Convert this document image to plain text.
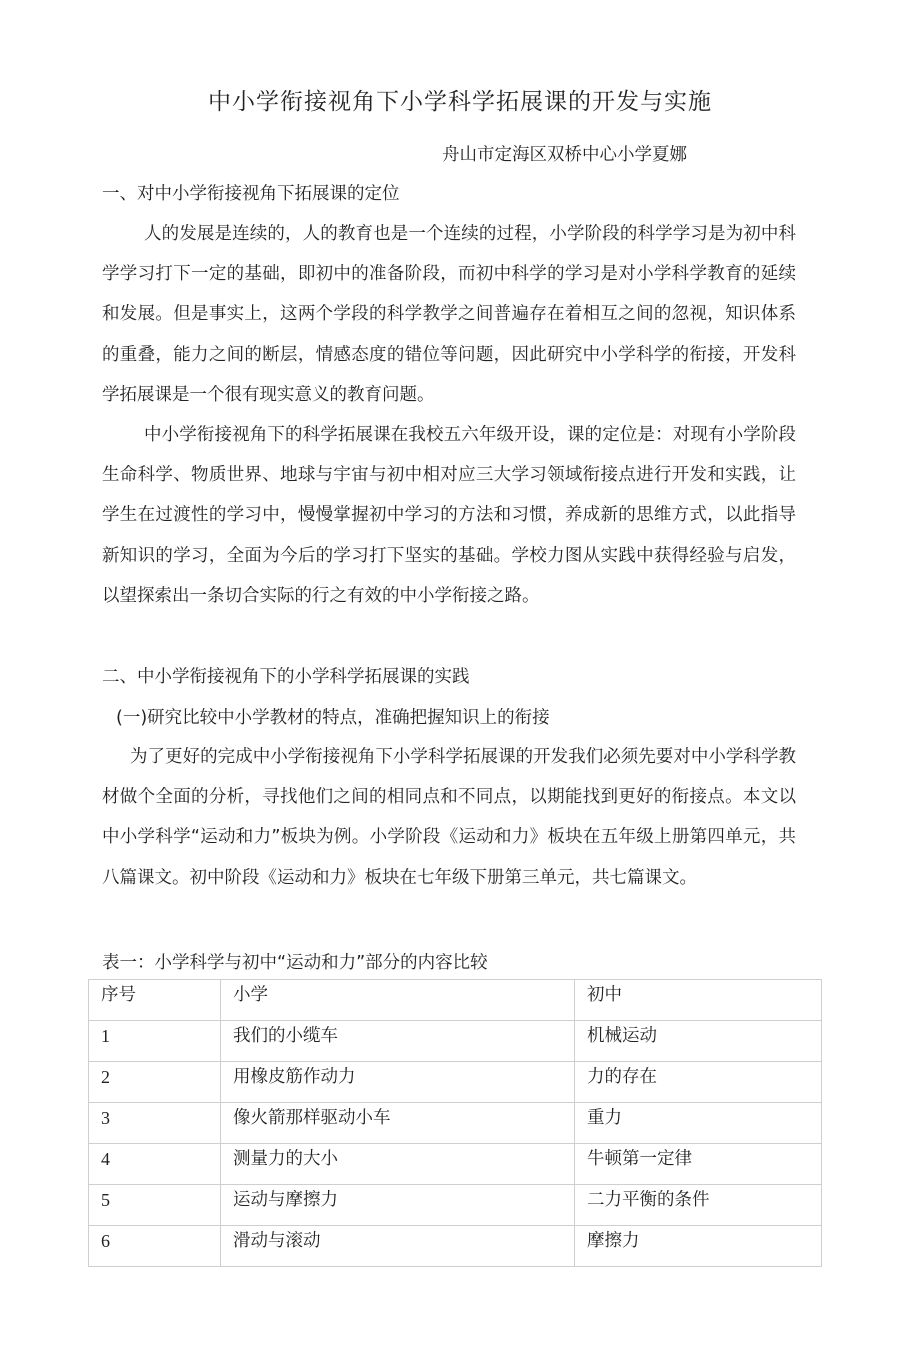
中小学衔接视角下小学科学拓展课的开发与实施
舟山市定海区双桥中心小学夏娜
一、对中小学衔接视角下拓展课的定位

人的发展是连续的，人的教育也是一个连续的过程，小学阶段的科学学习是为初中科学学习打下一定的基础，即初中的准备阶段，而初中科学的学习是对小学科学教育的延续和发展。但是事实上，这两个学段的科学教学之间普遍存在着相互之间的忽视，知识体系的重叠，能力之间的断层，情感态度的错位等问题，因此研究中小学科学的衔接，开发科学拓展课是一个很有现实意义的教育问题。

中小学衔接视角下的科学拓展课在我校五六年级开设，课的定位是：对现有小学阶段生命科学、物质世界、地球与宇宙与初中相对应三大学习领域衔接点进行开发和实践，让学生在过渡性的学习中，慢慢掌握初中学习的方法和习惯，养成新的思维方式，以此指导新知识的学习，全面为今后的学习打下坚实的基础。学校力图从实践中获得经验与启发，以望探索出一条切合实际的行之有效的中小学衔接之路。

二、中小学衔接视角下的小学科学拓展课的实践
(一)研究比较中小学教材的特点，准确把握知识上的衔接

为了更好的完成中小学衔接视角下小学科学拓展课的开发我们必须先要对中小学科学教材做个全面的分析，寻找他们之间的相同点和不同点，以期能找到更好的衔接点。本文以中小学科学“运动和力”板块为例。小学阶段《运动和力》板块在五年级上册第四单元，共八篇课文。初中阶段《运动和力》板块在七年级下册第三单元，共七篇课文。

表一：小学科学与初中“运动和力”部分的内容比较
序号	小学	初中
1	我们的小缆车	机械运动
2	用橡皮筋作动力	力的存在
3	像火箭那样驱动小车	重力
4	测量力的大小	牛顿第一定律
5	运动与摩擦力	二力平衡的条件
6	滑动与滚动	摩擦力
